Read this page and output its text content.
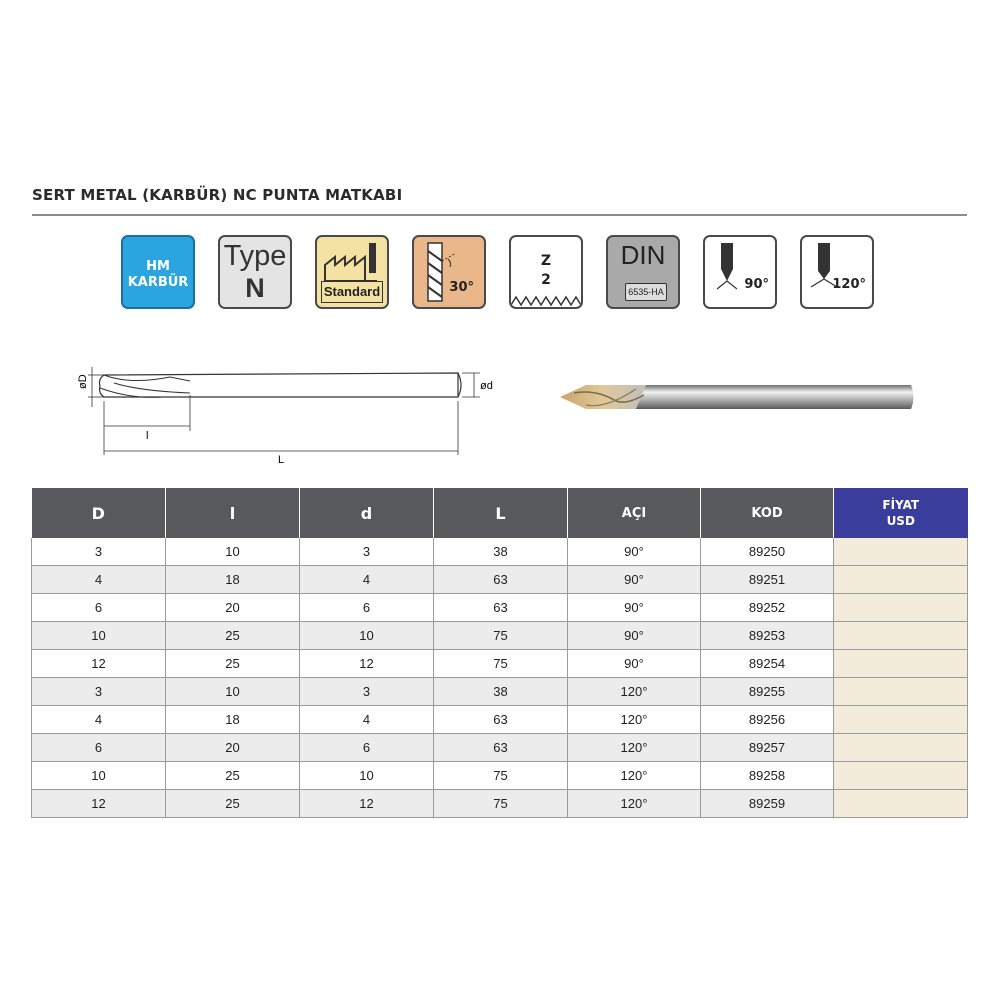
SERT METAL (KARBÜR) NC PUNTA MATKABI
HM
KARBÜR
Type
N	Standard	30°
Z
2
DIN
6535-HA	90°	120°
øD	ød
l
L
D	l	d	L	AÇI	KOD	FİYAT
USD

3	10	3	38	90°	89250	
4	18	4	63	90°	89251	
6	20	6	63	90°	89252	
10	25	10	75	90°	89253	
12	25	12	75	90°	89254	
3	10	3	38	120°	89255	
4	18	4	63	120°	89256	
6	20	6	63	120°	89257	
10	25	10	75	120°	89258	
12	25	12	75	120°	89259	
